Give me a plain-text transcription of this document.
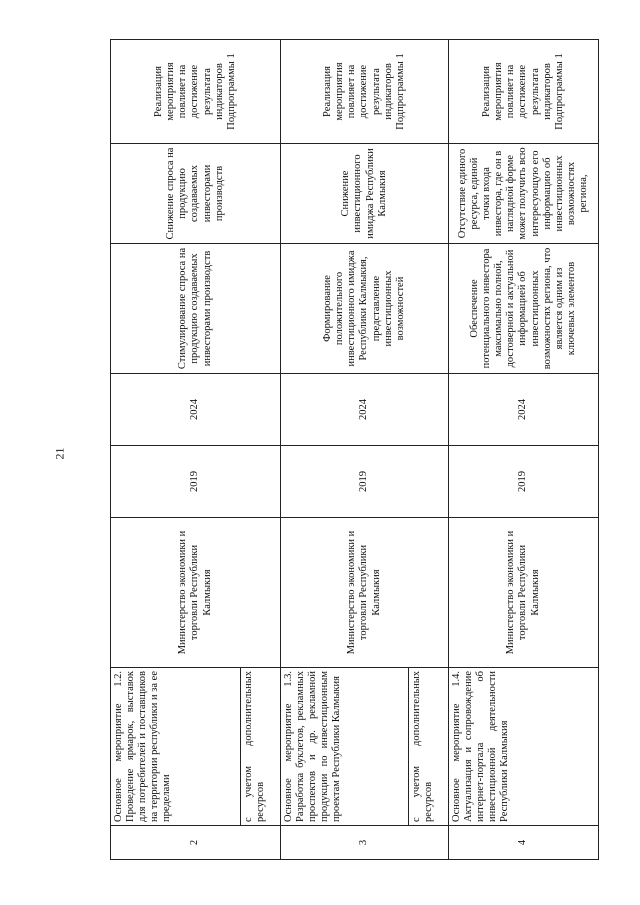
21
2	Основное мероприятие 1.2. Проведение ярмарок, выставок для потребителей и поставщиков на территории республики и за ее пределами	Министерство экономики и торговли Республики Калмыкия	2019	2024	Стимулирование спроса на продукцию создаваемых инвесторами производств	Снижение спроса на продукцию создаваемых инвесторами производств	Реализация мероприятия повлияет на достижение результата индикаторов Подпрограммы 1
	с учетом дополнительных ресурсов						
3	Основное мероприятие 1.3. Разработка буклетов, рекламных проспектов и др. рекламной продукции по инвестиционным проектам Республики Калмыкия	Министерство экономики и торговли Республики Калмыкия	2019	2024	Формирование положительного инвестиционного имиджа Республики Калмыкия, представление инвестиционных возможностей	Снижение инвестиционного имиджа Республики Калмыкия	Реализация мероприятия повлияет на достижение результата индикаторов Подпрограммы 1
	с учетом дополнительных ресурсов						
4	Основное мероприятие 1.4. Актуализация и сопровождение интернет-портала об инвестиционной деятельности Республики Калмыкия	Министерство экономики и торговли Республики Калмыкия	2019	2024	Обеспечение потенциального инвестора максимально полной, достоверной и актуальной информацией об инвестиционных возможностях региона, что является одним из ключевых элементов	Отсутствие единого ресурса, единой точки входа инвестора, где он в наглядной форме может получить всю интересующую его информацию об инвестиционных возможностях региона,	Реализация мероприятия повлияет на достижение результата индикаторов Подпрограммы 1
